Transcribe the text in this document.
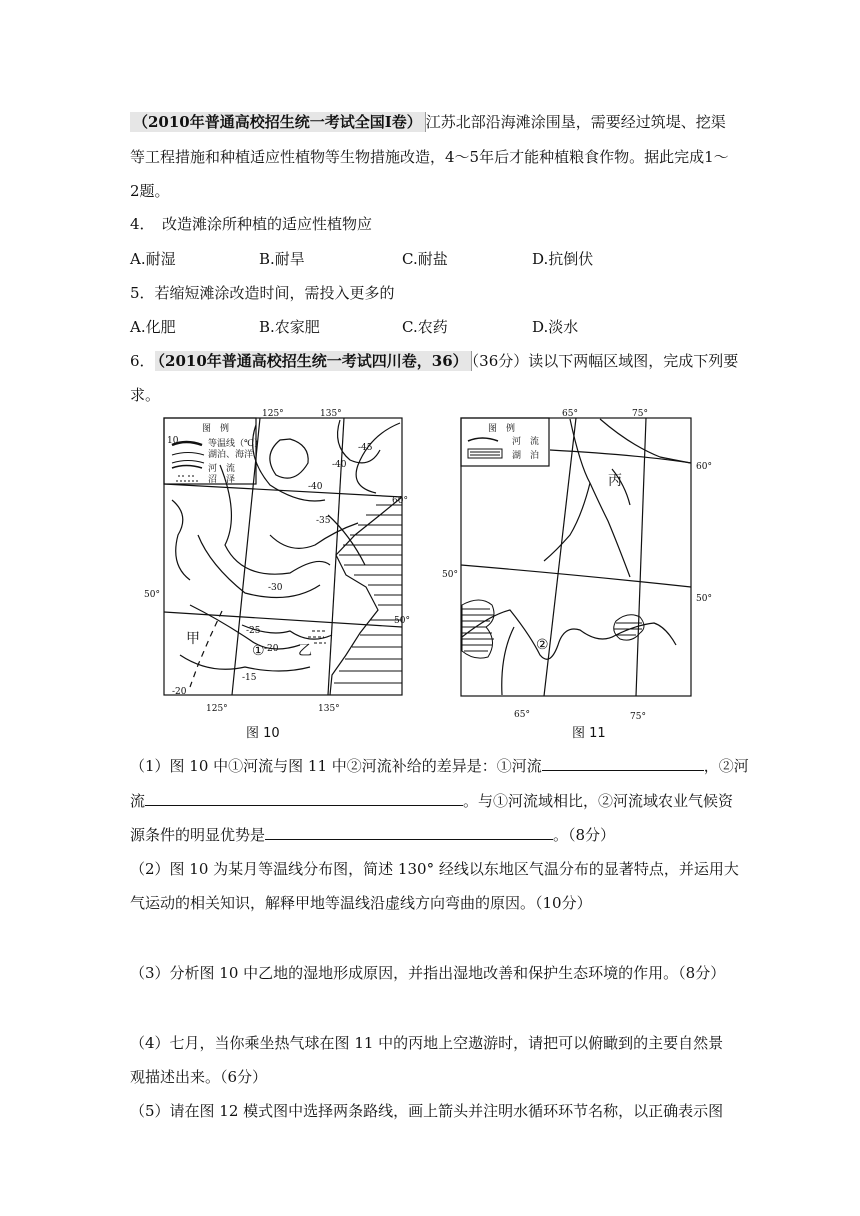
（2010年普通高校招生统一考试全国Ⅰ卷） 江苏北部沿海滩涂围垦，需要经过筑堤、挖渠
等工程措施和种植适应性植物等生物措施改造，4～5年后才能种植粮食作物。据此完成1～
2题。
4．　改造滩涂所种植的适应性植物应
A.耐湿	B.耐旱	C.耐盐	D.抗倒伏
5．若缩短滩涂改造时间，需投入更多的
A.化肥	B.农家肥	C.农药	D.淡水
6． （2010年普通高校招生统一考试四川卷，36） （36分）读以下两幅区域图，完成下列要
求。
图　例
10	等温线（℃）
湖泊、海洋
河　流
沼　泽
125°	135°
125°	135°
60°
50°
50°
-45
-40
-40
-35
-30
-25
-20
-15
-20
甲
乙
①
图 10
图　例
河　流
湖　泊
65°	75°
65°	75°
60°
50°
50°
丙
②
图 11
（1）图 10 中①河流与图 11 中②河流补给的差异是：①河流	，②河
流	。与①河流域相比，②河流域农业气候资
源条件的明显优势是	。（8分）
（2）图 10 为某月等温线分布图，简述 130° 经线以东地区气温分布的显著特点，并运用大
气运动的相关知识，解释甲地等温线沿虚线方向弯曲的原因。（10分）
（3）分析图 10 中乙地的湿地形成原因，并指出湿地改善和保护生态环境的作用。（8分）
（4）七月，当你乘坐热气球在图 11 中的丙地上空遨游时，请把可以俯瞰到的主要自然景
观描述出来。（6分）
（5）请在图 12 模式图中选择两条路线，画上箭头并注明水循环环节名称，以正确表示图
